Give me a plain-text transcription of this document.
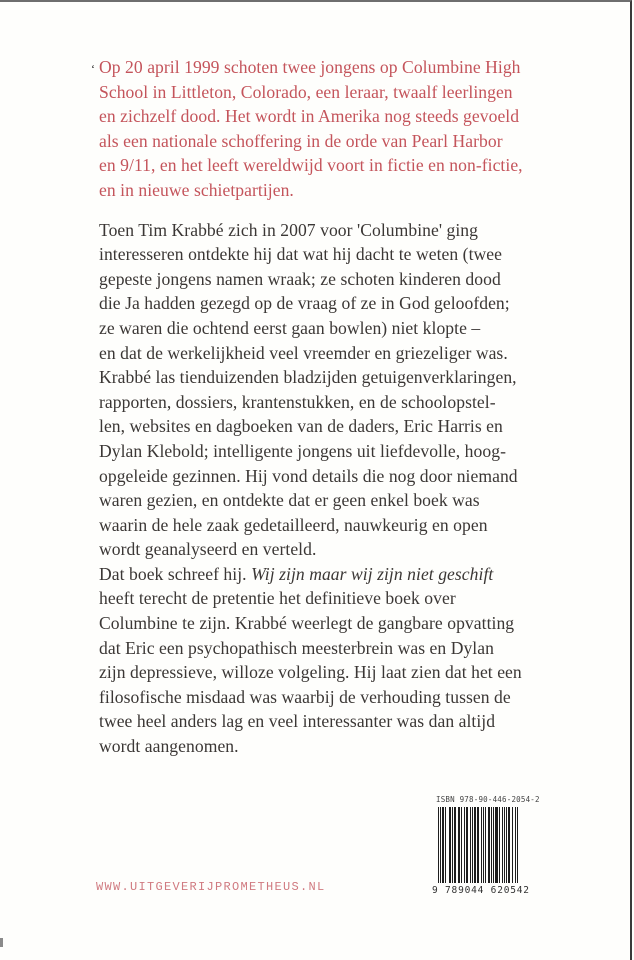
‘ Op 20 april 1999 schoten twee jongens op Columbine High
School in Littleton, Colorado, een leraar, twaalf leerlingen
en zichzelf dood. Het wordt in Amerika nog steeds gevoeld
als een nationale schoffering in de orde van Pearl Harbor
en 9/11, en het leeft wereldwijd voort in fictie en non-fictie,
en in nieuwe schietpartijen.

Toen Tim Krabbé zich in 2007 voor 'Columbine' ging
interesseren ontdekte hij dat wat hij dacht te weten (twee
gepeste jongens namen wraak; ze schoten kinderen dood
die Ja hadden gezegd op de vraag of ze in God geloofden;
ze waren die ochtend eerst gaan bowlen) niet klopte –
en dat de werkelijkheid veel vreemder en griezeliger was.
Krabbé las tienduizenden bladzijden getuigenverklaringen,
rapporten, dossiers, krantenstukken, en de schoolopstel-
len, websites en dagboeken van de daders, Eric Harris en
Dylan Klebold; intelligente jongens uit liefdevolle, hoog-
opgeleide gezinnen. Hij vond details die nog door niemand
waren gezien, en ontdekte dat er geen enkel boek was
waarin de hele zaak gedetailleerd, nauwkeurig en open
wordt geanalyseerd en verteld.
Dat boek schreef hij. Wij zijn maar wij zijn niet geschift
heeft terecht de pretentie het definitieve boek over
Columbine te zijn. Krabbé weerlegt de gangbare opvatting
dat Eric een psychopathisch meesterbrein was en Dylan
zijn depressieve, willoze volgeling. Hij laat zien dat het een
filosofische misdaad was waarbij de verhouding tussen de
twee heel anders lag en veel interessanter was dan altijd
wordt aangenomen.

ISBN 978-90-446-2054-2
9 789044 620542
WWW.UITGEVERIJPROMETHEUS.NL
